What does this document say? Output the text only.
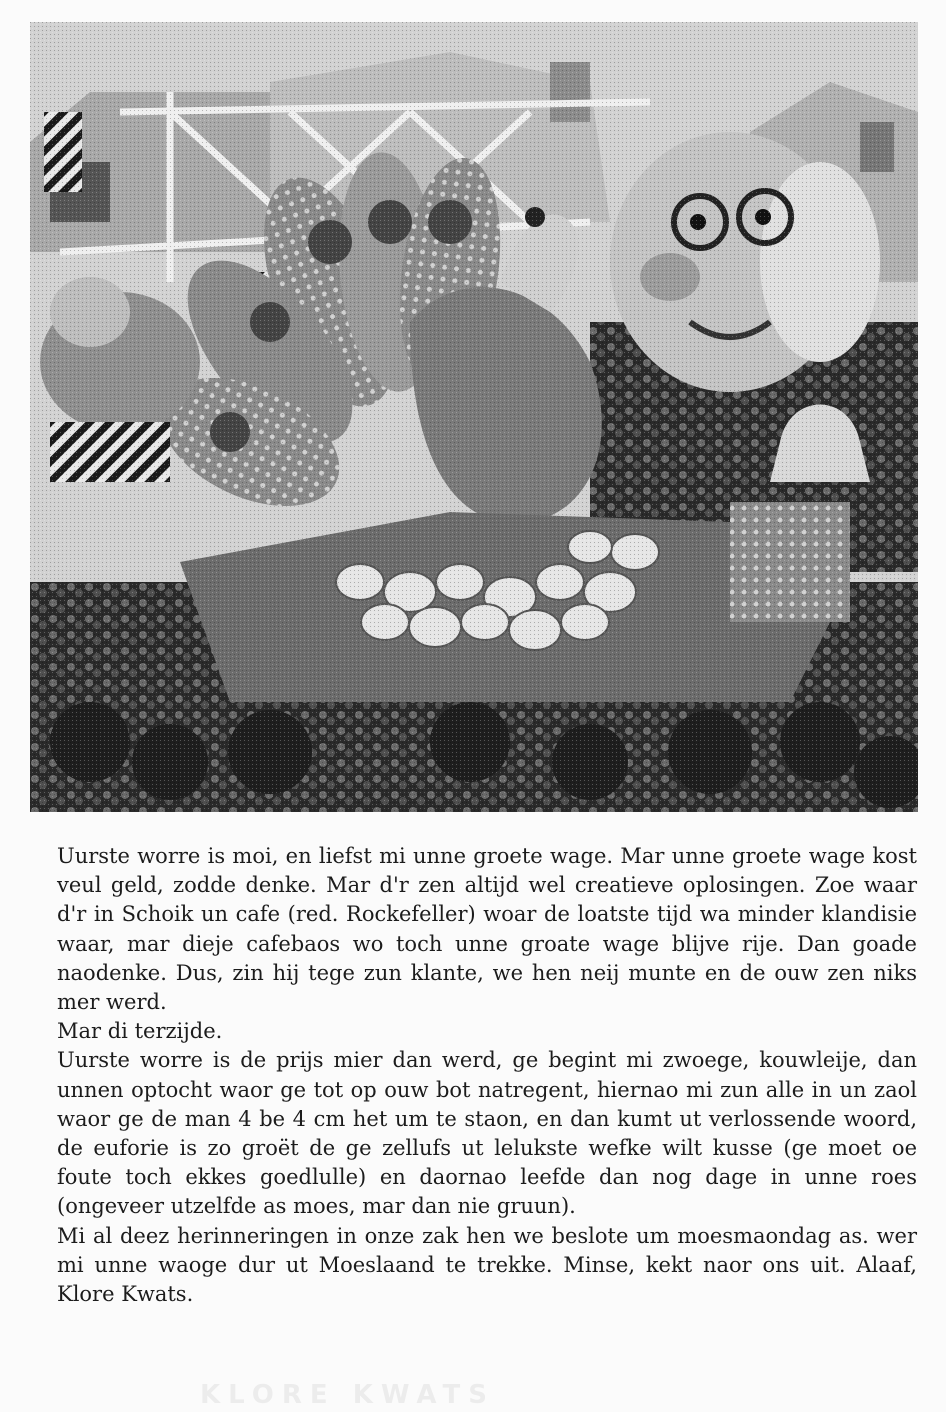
KLORE KWATS

Uurste worre is moi, en liefst mi unne groete wage. Mar unne groete wage kost veul geld, zodde denke. Mar d'r zen altijd wel creatieve oplosingen. Zoe waar d'r in Schoik un cafe (red. Rockefeller) woar de loatste tijd wa minder klandisie waar, mar dieje cafebaos wo toch unne groate wage blijve rije. Dan goade naodenke. Dus, zin hij tege zun klante, we hen neij munte en de ouw zen niks mer werd.

Mar di terzijde.

Uurste worre is de prijs mier dan werd, ge begint mi zwoege, kouwleije, dan unnen optocht waor ge tot op ouw bot natregent, hiernao mi zun alle in un zaol waor ge de man 4 be 4 cm het um te staon, en dan kumt ut verlossende woord, de euforie is zo groët de ge zellufs ut lelukste wefke wilt kusse (ge moet oe foute toch ekkes goedlulle) en daornao leefde dan nog dage in unne roes (ongeveer utzelfde as moes, mar dan nie gruun).

Mi al deez herinneringen in onze zak hen we beslote um moesmaondag as. wer mi unne waoge dur ut Moeslaand te trekke. Minse, kekt naor ons uit. Alaaf, Klore Kwats.
